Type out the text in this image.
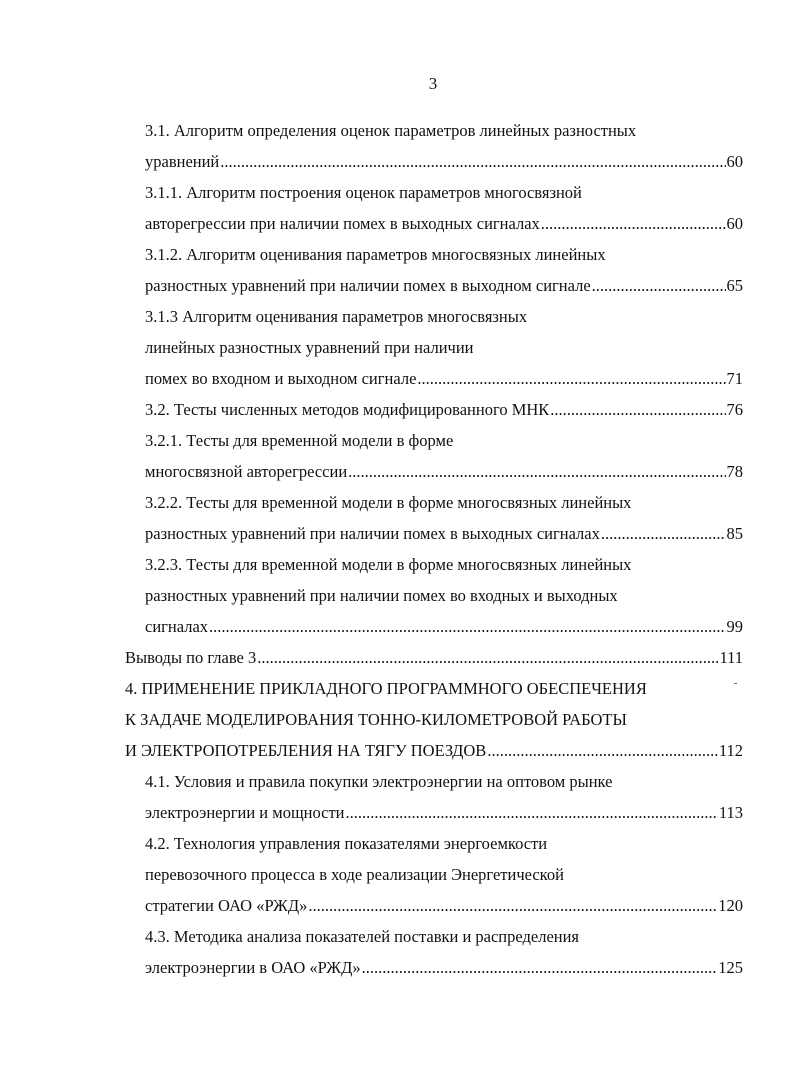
3
3.1. Алгоритм определения оценок параметров линейных разностных
уравнений .....	60
3.1.1. Алгоритм построения оценок параметров многосвязной
авторегрессии при наличии помех в выходных сигналах .....	60
3.1.2. Алгоритм оценивания параметров многосвязных линейных
разностных уравнений при наличии помех в выходном сигнале .....	65
3.1.3 Алгоритм оценивания параметров многосвязных
линейных разностных уравнений при наличии
помех во входном и выходном сигнале .....	71
3.2. Тесты численных методов модифицированного МНК .....	76
3.2.1. Тесты для временной модели в форме
многосвязной авторегрессии .....	78
3.2.2. Тесты для временной модели в форме многосвязных линейных
разностных уравнений при наличии помех в выходных сигналах .....	85
3.2.3. Тесты для временной модели в форме многосвязных линейных
разностных уравнений при наличии помех во входных и выходных
сигналах .....	99
Выводы по главе 3 .....	111
4. ПРИМЕНЕНИЕ ПРИКЛАДНОГО ПРОГРАММНОГО ОБЕСПЕЧЕНИЯ
К ЗАДАЧЕ МОДЕЛИРОВАНИЯ ТОННО-КИЛОМЕТРОВОЙ РАБОТЫ
И ЭЛЕКТРОПОТРЕБЛЕНИЯ НА ТЯГУ ПОЕЗДОВ .....	112
4.1. Условия и правила покупки электроэнергии на оптовом рынке
электроэнергии и мощности .....	113
4.2. Технология управления показателями энергоемкости
перевозочного процесса в ходе реализации Энергетической
стратегии ОАО «РЖД» .....	120
4.3. Методика анализа показателей поставки и распределения
электроэнергии в ОАО «РЖД» .....	125
-
